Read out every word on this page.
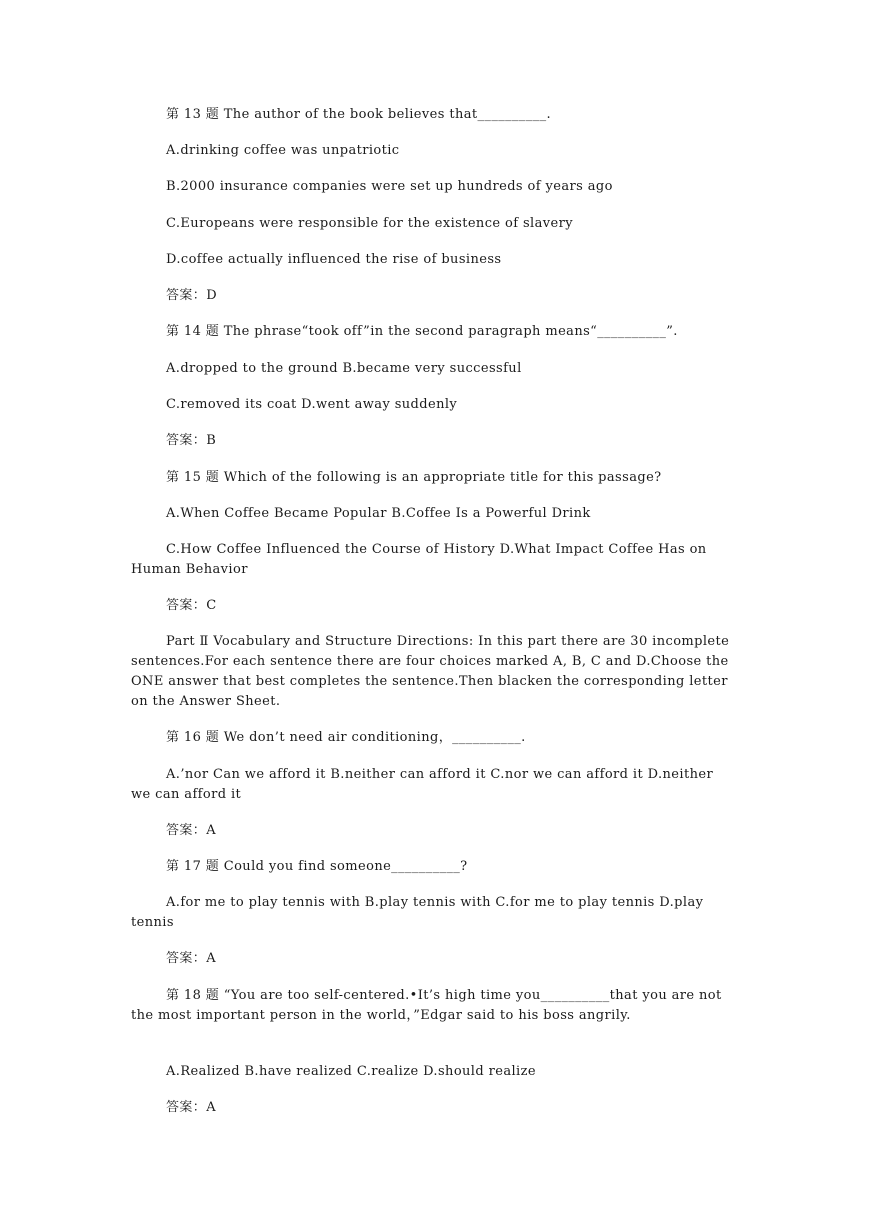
第 13 题 The author of the book believes that__________.

A.drinking coffee was unpatriotic

B.2000 insurance companies were set up hundreds of years ago

C.Europeans were responsible for the existence of slavery

D.coffee actually influenced the rise of business

答案：D

第 14 题 The phrase“took off”in the second paragraph means“__________”.

A.dropped to the ground B.became very successful

C.removed its coat D.went away suddenly

答案：B

第 15 题 Which of the following is an appropriate title for this passage?

A.When Coffee Became Popular B.Coffee Is a Powerful Drink

C.How Coffee Influenced the Course of History D.What Impact Coffee Has on Human Behavior

答案：C

Part Ⅱ Vocabulary and Structure Directions: In this part there are 30 incomplete sentences.For each sentence there are four choices marked A, B, C and D.Choose the ONE answer that best completes the sentence.Then blacken the corresponding letter on the Answer Sheet.

第 16 题 We don’t need air conditioning，__________.

A.’nor Can we afford it B.neither can afford it C.nor we can afford it D.neither we can afford it

答案：A

第 17 题 Could you find someone__________?

A.for me to play tennis with B.play tennis with C.for me to play tennis D.play tennis

答案：A

第 18 题 “You are too self-centered.•It’s high time you__________that you are not the most important person in the world，”Edgar said to his boss angrily.

A.Realized B.have realized C.realize D.should realize

答案：A
